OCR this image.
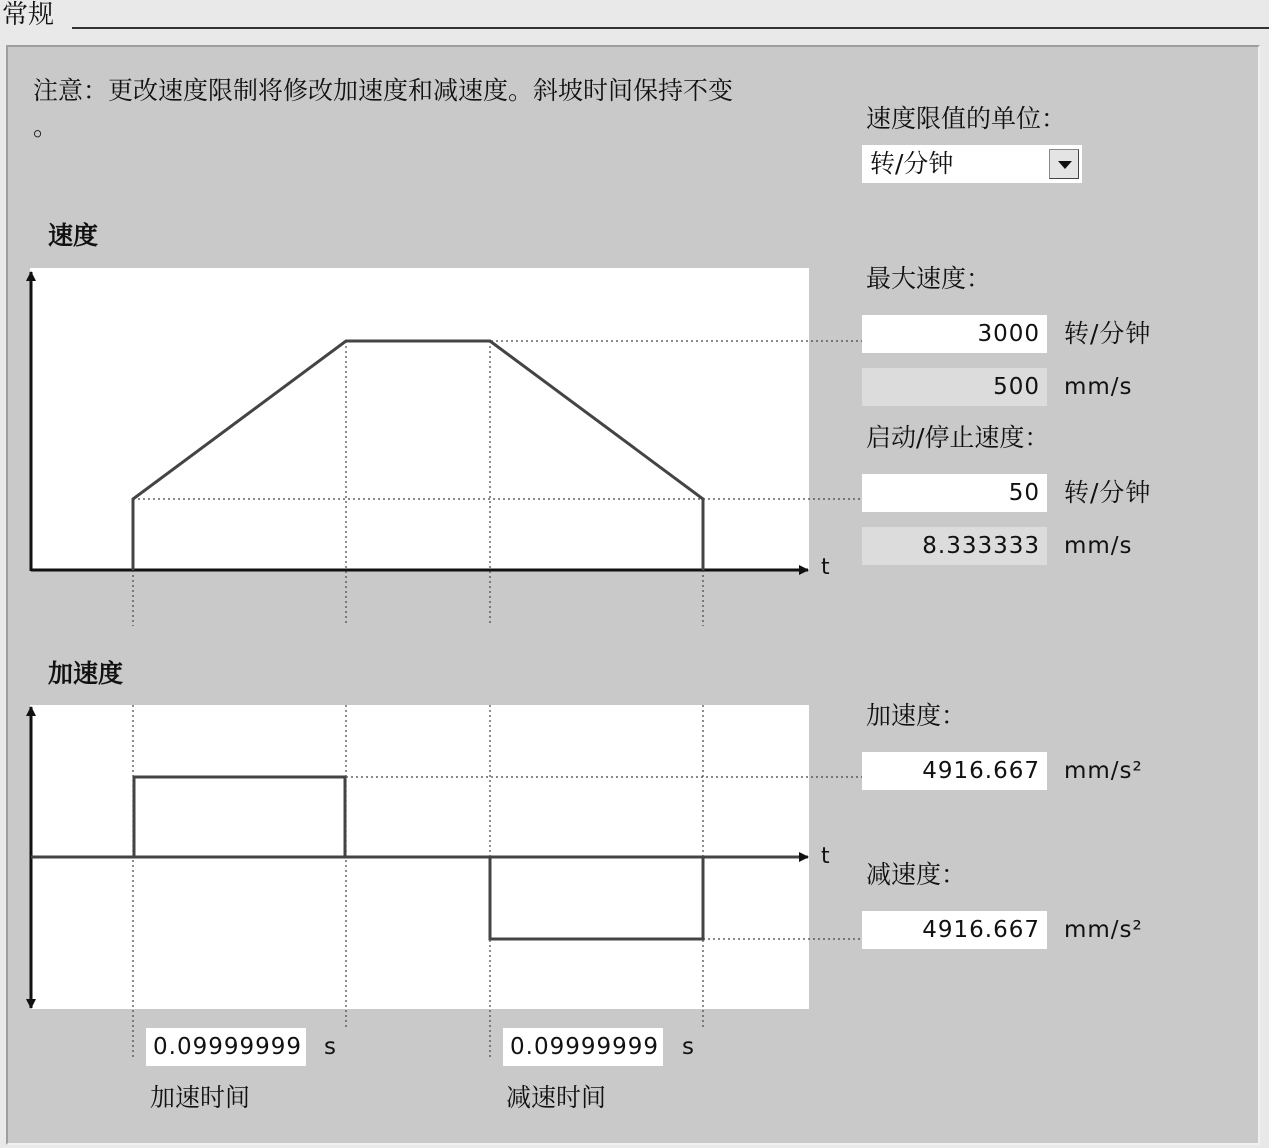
常规
注意：更改速度限制将修改加速度和减速度。斜坡时间保持不变
。	速度限值的单位：
转/分钟
速度
t
加速度
t
最大速度：
3000 转/分钟
500	mm/s
启动/停止速度：
50 转/分钟
8.333333	mm/s
加速度：
4916.667	mm/s²
减速度：
4916.667	mm/s²
0.09999999 s
加速时间
0.09999999 s
减速时间
